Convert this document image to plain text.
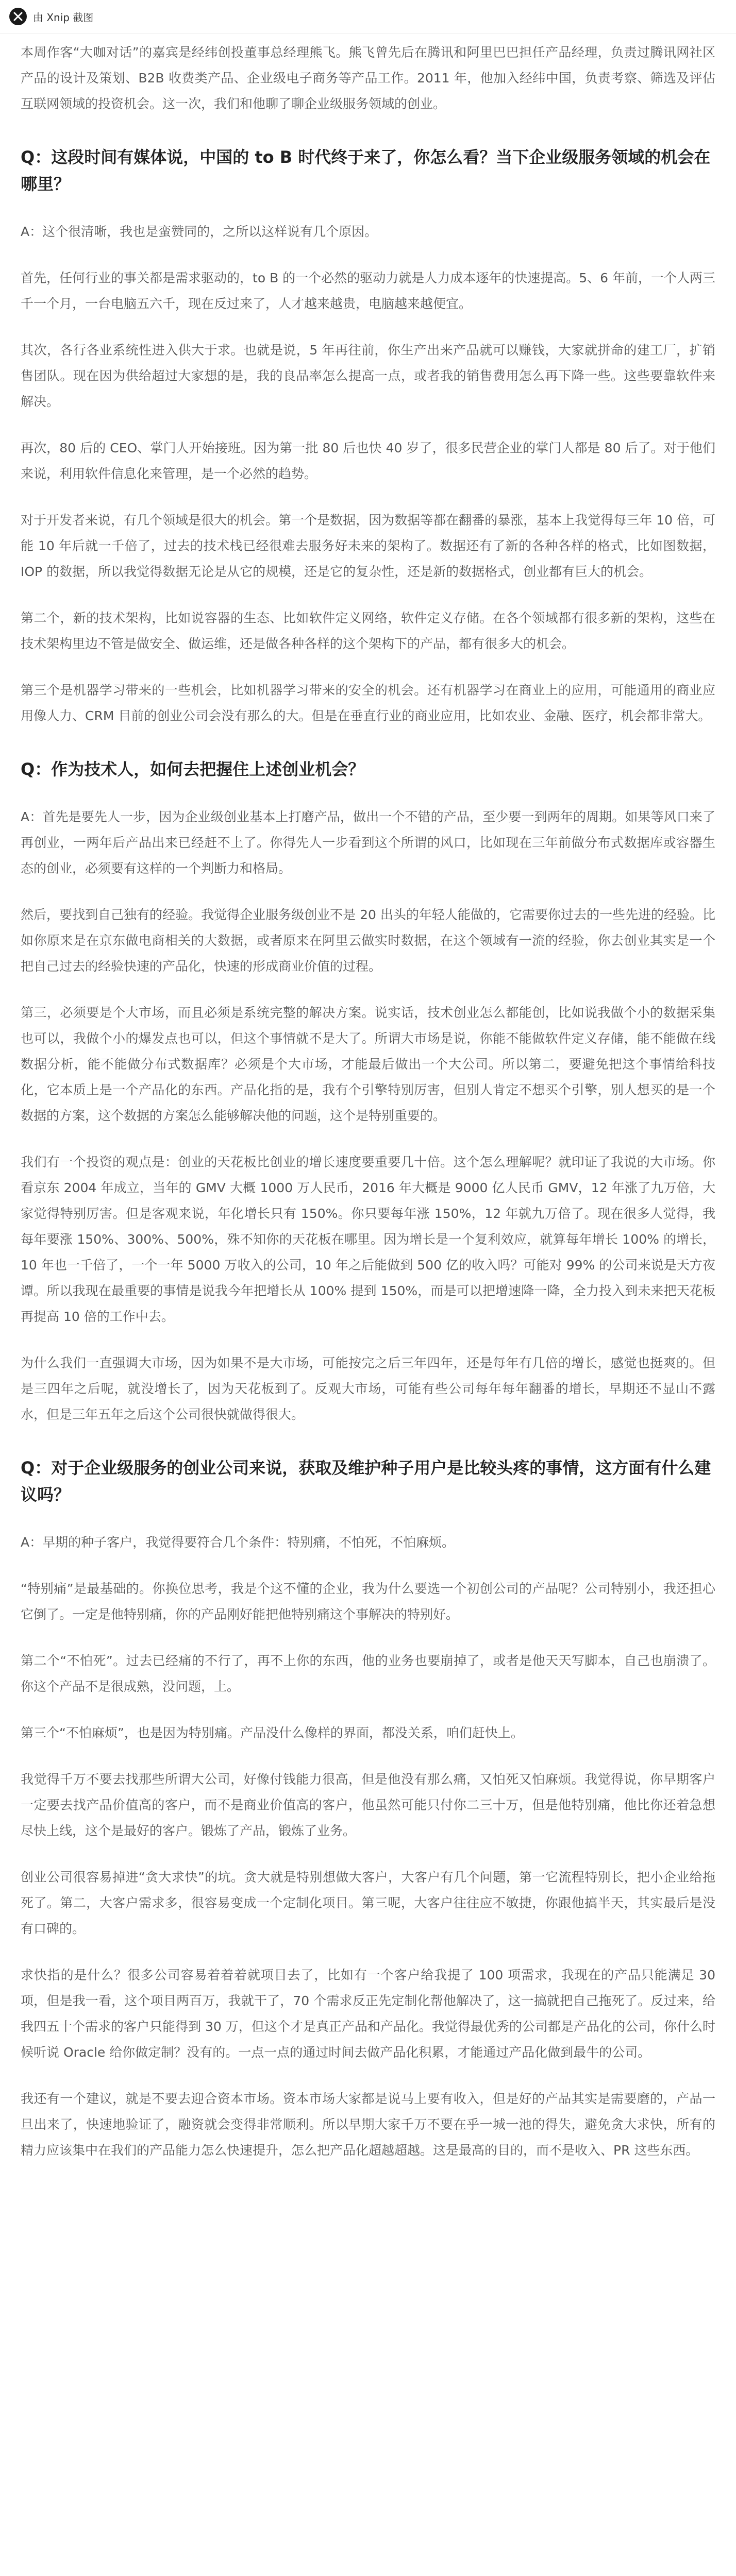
由 Xnip 截图
本周作客“大咖对话”的嘉宾是经纬创投董事总经理熊飞。熊飞曾先后在腾讯和阿里巴巴担任产品经理，负责过腾讯网社区产品的设计及策划、B2B 收费类产品、企业级电子商务等产品工作。2011 年，他加入经纬中国，负责考察、筛选及评估互联网领域的投资机会。这一次，我们和他聊了聊企业级服务领域的创业。
Q：这段时间有媒体说，中国的 to B 时代终于来了，你怎么看？当下企业级服务领域的机会在哪里？
A：这个很清晰，我也是蛮赞同的，之所以这样说有几个原因。
首先，任何行业的事关都是需求驱动的，to B 的一个必然的驱动力就是人力成本逐年的快速提高。5、6 年前，一个人两三千一个月，一台电脑五六千，现在反过来了，人才越来越贵，电脑越来越便宜。
其次，各行各业系统性进入供大于求。也就是说，5 年再往前，你生产出来产品就可以赚钱，大家就拼命的建工厂，扩销售团队。现在因为供给超过大家想的是，我的良品率怎么提高一点，或者我的销售费用怎么再下降一些。这些要靠软件来解决。
再次，80 后的 CEO、掌门人开始接班。因为第一批 80 后也快 40 岁了，很多民营企业的掌门人都是 80 后了。对于他们来说，利用软件信息化来管理，是一个必然的趋势。
对于开发者来说，有几个领域是很大的机会。第一个是数据，因为数据等都在翻番的暴涨，基本上我觉得每三年 10 倍，可能 10 年后就一千倍了，过去的技术栈已经很难去服务好未来的架构了。数据还有了新的各种各样的格式，比如图数据，IOP 的数据，所以我觉得数据无论是从它的规模，还是它的复杂性，还是新的数据格式，创业都有巨大的机会。
第二个，新的技术架构，比如说容器的生态、比如软件定义网络，软件定义存储。在各个领域都有很多新的架构，这些在技术架构里边不管是做安全、做运维，还是做各种各样的这个架构下的产品，都有很多大的机会。
第三个是机器学习带来的一些机会，比如机器学习带来的安全的机会。还有机器学习在商业上的应用，可能通用的商业应用像人力、CRM 目前的创业公司会没有那么的大。但是在垂直行业的商业应用，比如农业、金融、医疗，机会都非常大。
Q：作为技术人，如何去把握住上述创业机会？
A：首先是要先人一步，因为企业级创业基本上打磨产品，做出一个不错的产品，至少要一到两年的周期。如果等风口来了再创业，一两年后产品出来已经赶不上了。你得先人一步看到这个所谓的风口，比如现在三年前做分布式数据库或容器生态的创业，必须要有这样的一个判断力和格局。
然后，要找到自己独有的经验。我觉得企业服务级创业不是 20 出头的年轻人能做的，它需要你过去的一些先进的经验。比如你原来是在京东做电商相关的大数据，或者原来在阿里云做实时数据，在这个领域有一流的经验，你去创业其实是一个把自己过去的经验快速的产品化，快速的形成商业价值的过程。
第三，必须要是个大市场，而且必须是系统完整的解决方案。说实话，技术创业怎么都能创，比如说我做个小的数据采集也可以，我做个小的爆发点也可以，但这个事情就不是大了。所谓大市场是说，你能不能做软件定义存储，能不能做在线数据分析，能不能做分布式数据库？必须是个大市场，才能最后做出一个大公司。所以第二，要避免把这个事情给科技化，它本质上是一个产品化的东西。产品化指的是，我有个引擎特别厉害，但别人肯定不想买个引擎，别人想买的是一个数据的方案，这个数据的方案怎么能够解决他的问题，这个是特别重要的。
我们有一个投资的观点是：创业的天花板比创业的增长速度要重要几十倍。这个怎么理解呢？就印证了我说的大市场。你看京东 2004 年成立，当年的 GMV 大概 1000 万人民币，2016 年大概是 9000 亿人民币 GMV，12 年涨了九万倍，大家觉得特别厉害。但是客观来说，年化增长只有 150%。你只要每年涨 150%，12 年就九万倍了。现在很多人觉得，我每年要涨 150%、300%、500%，殊不知你的天花板在哪里。因为增长是一个复利效应，就算每年增长 100% 的增长，10 年也一千倍了，一个一年 5000 万收入的公司，10 年之后能做到 500 亿的收入吗？可能对 99% 的公司来说是天方夜谭。所以我现在最重要的事情是说我今年把增长从 100% 提到 150%，而是可以把增速降一降，全力投入到未来把天花板再提高 10 倍的工作中去。
为什么我们一直强调大市场，因为如果不是大市场，可能按完之后三年四年，还是每年有几倍的增长，感觉也挺爽的。但是三四年之后呢，就没增长了，因为天花板到了。反观大市场，可能有些公司每年每年翻番的增长，早期还不显山不露水，但是三年五年之后这个公司很快就做得很大。
Q：对于企业级服务的创业公司来说，获取及维护种子用户是比较头疼的事情，这方面有什么建议吗？
A：早期的种子客户，我觉得要符合几个条件：特别痛，不怕死，不怕麻烦。
“特别痛”是最基础的。你换位思考，我是个这不懂的企业，我为什么要选一个初创公司的产品呢？公司特别小，我还担心它倒了。一定是他特别痛，你的产品刚好能把他特别痛这个事解决的特别好。
第二个“不怕死”。过去已经痛的不行了，再不上你的东西，他的业务也要崩掉了，或者是他天天写脚本，自己也崩溃了。你这个产品不是很成熟，没问题，上。
第三个“不怕麻烦”，也是因为特别痛。产品没什么像样的界面，都没关系，咱们赶快上。
我觉得千万不要去找那些所谓大公司，好像付钱能力很高，但是他没有那么痛，又怕死又怕麻烦。我觉得说，你早期客户一定要去找产品价值高的客户，而不是商业价值高的客户，他虽然可能只付你二三十万，但是他特别痛，他比你还着急想尽快上线，这个是最好的客户。锻炼了产品，锻炼了业务。
创业公司很容易掉进“贪大求快”的坑。贪大就是特别想做大客户，大客户有几个问题，第一它流程特别长，把小企业给拖死了。第二，大客户需求多，很容易变成一个定制化项目。第三呢，大客户往往应不敏捷，你跟他搞半天，其实最后是没有口碑的。
求快指的是什么？很多公司容易着着着就项目去了，比如有一个客户给我提了 100 项需求，我现在的产品只能满足 30 项，但是我一看，这个项目两百万，我就干了，70 个需求反正先定制化帮他解决了，这一搞就把自己拖死了。反过来，给我四五十个需求的客户只能得到 30 万，但这个才是真正产品和产品化。我觉得最优秀的公司都是产品化的公司，你什么时候听说 Oracle 给你做定制？没有的。一点一点的通过时间去做产品化积累，才能通过产品化做到最牛的公司。
我还有一个建议，就是不要去迎合资本市场。资本市场大家都是说马上要有收入，但是好的产品其实是需要磨的，产品一旦出来了，快速地验证了，融资就会变得非常顺利。所以早期大家千万不要在乎一城一池的得失，避免贪大求快，所有的精力应该集中在我们的产品能力怎么快速提升，怎么把产品化超越超越。这是最高的目的，而不是收入、PR 这些东西。
